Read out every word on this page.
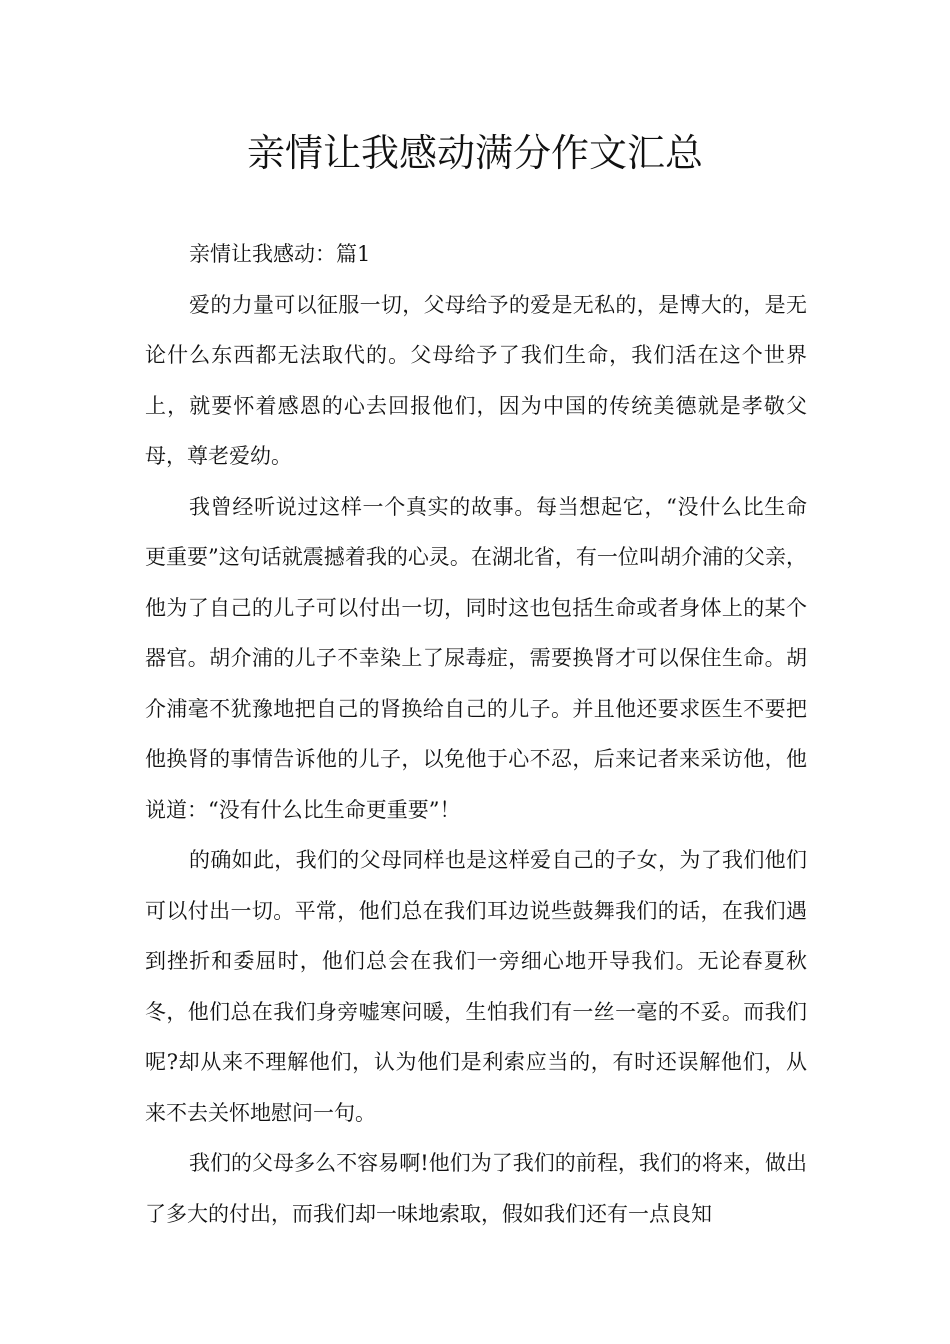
亲情让我感动满分作文汇总

亲情让我感动：篇1

爱的力量可以征服一切，父母给予的爱是无私的，是博大的，是无论什么东西都无法取代的。父母给予了我们生命，我们活在这个世界上，就要怀着感恩的心去回报他们，因为中国的传统美德就是孝敬父母，尊老爱幼。

我曾经听说过这样一个真实的故事。每当想起它，“没什么比生命更重要”这句话就震撼着我的心灵。在湖北省，有一位叫胡介浦的父亲，他为了自己的儿子可以付出一切，同时这也包括生命或者身体上的某个器官。胡介浦的儿子不幸染上了尿毒症，需要换肾才可以保住生命。胡介浦毫不犹豫地把自己的肾换给自己的儿子。并且他还要求医生不要把他换肾的事情告诉他的儿子，以免他于心不忍，后来记者来采访他，他说道：“没有什么比生命更重要”！

的确如此，我们的父母同样也是这样爱自己的子女，为了我们他们可以付出一切。平常，他们总在我们耳边说些鼓舞我们的话，在我们遇到挫折和委屈时，他们总会在我们一旁细心地开导我们。无论春夏秋冬，他们总在我们身旁嘘寒问暖，生怕我们有一丝一毫的不妥。而我们呢?却从来不理解他们，认为他们是利索应当的，有时还误解他们，从来不去关怀地慰问一句。

我们的父母多么不容易啊!他们为了我们的前程，我们的将来，做出了多大的付出，而我们却一味地索取，假如我们还有一点良知
